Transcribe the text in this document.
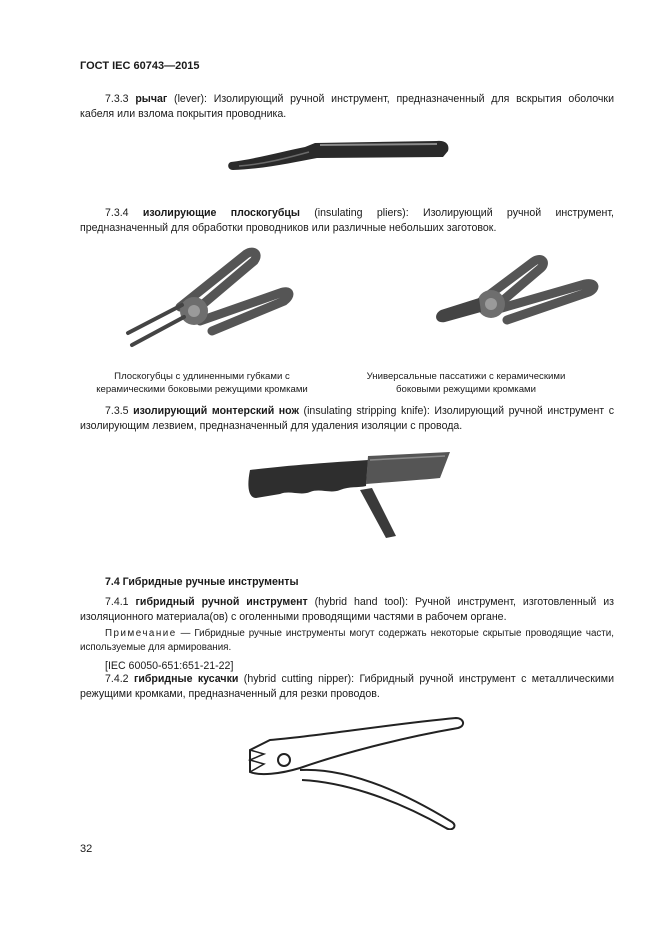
ГОСТ IEC 60743—2015

7.3.3 рычаг (lever): Изолирующий ручной инструмент, предназначенный для вскрытия оболочки кабеля или взлома покрытия проводника.

7.3.4 изолирующие плоскогубцы (insulating pliers): Изолирующий ручной инструмент, предназначенный для обработки проводников или различные небольших заготовок.

Плоскогубцы с удлиненными губками с керамическими боковыми режущими кромками

Универсальные пассатижи с керамическими боковыми режущими кромками

7.3.5 изолирующий монтерский нож (insulating stripping knife): Изолирующий ручной инструмент с изолирующим лезвием, предназначенный для удаления изоляции с провода.

7.4 Гибридные ручные инструменты

7.4.1 гибридный ручной инструмент (hybrid hand tool): Ручной инструмент, изготовленный из изоляционного материала(ов) с оголенными проводящими частями в рабочем органе.

Примечание — Гибридные ручные инструменты могут содержать некоторые скрытые проводящие части, используемые для армирования.

[IEC 60050-651:651-21-22]

7.4.2 гибридные кусачки (hybrid cutting nipper): Гибридный ручной инструмент с металлическими режущими кромками, предназначенный для резки проводов.

32
